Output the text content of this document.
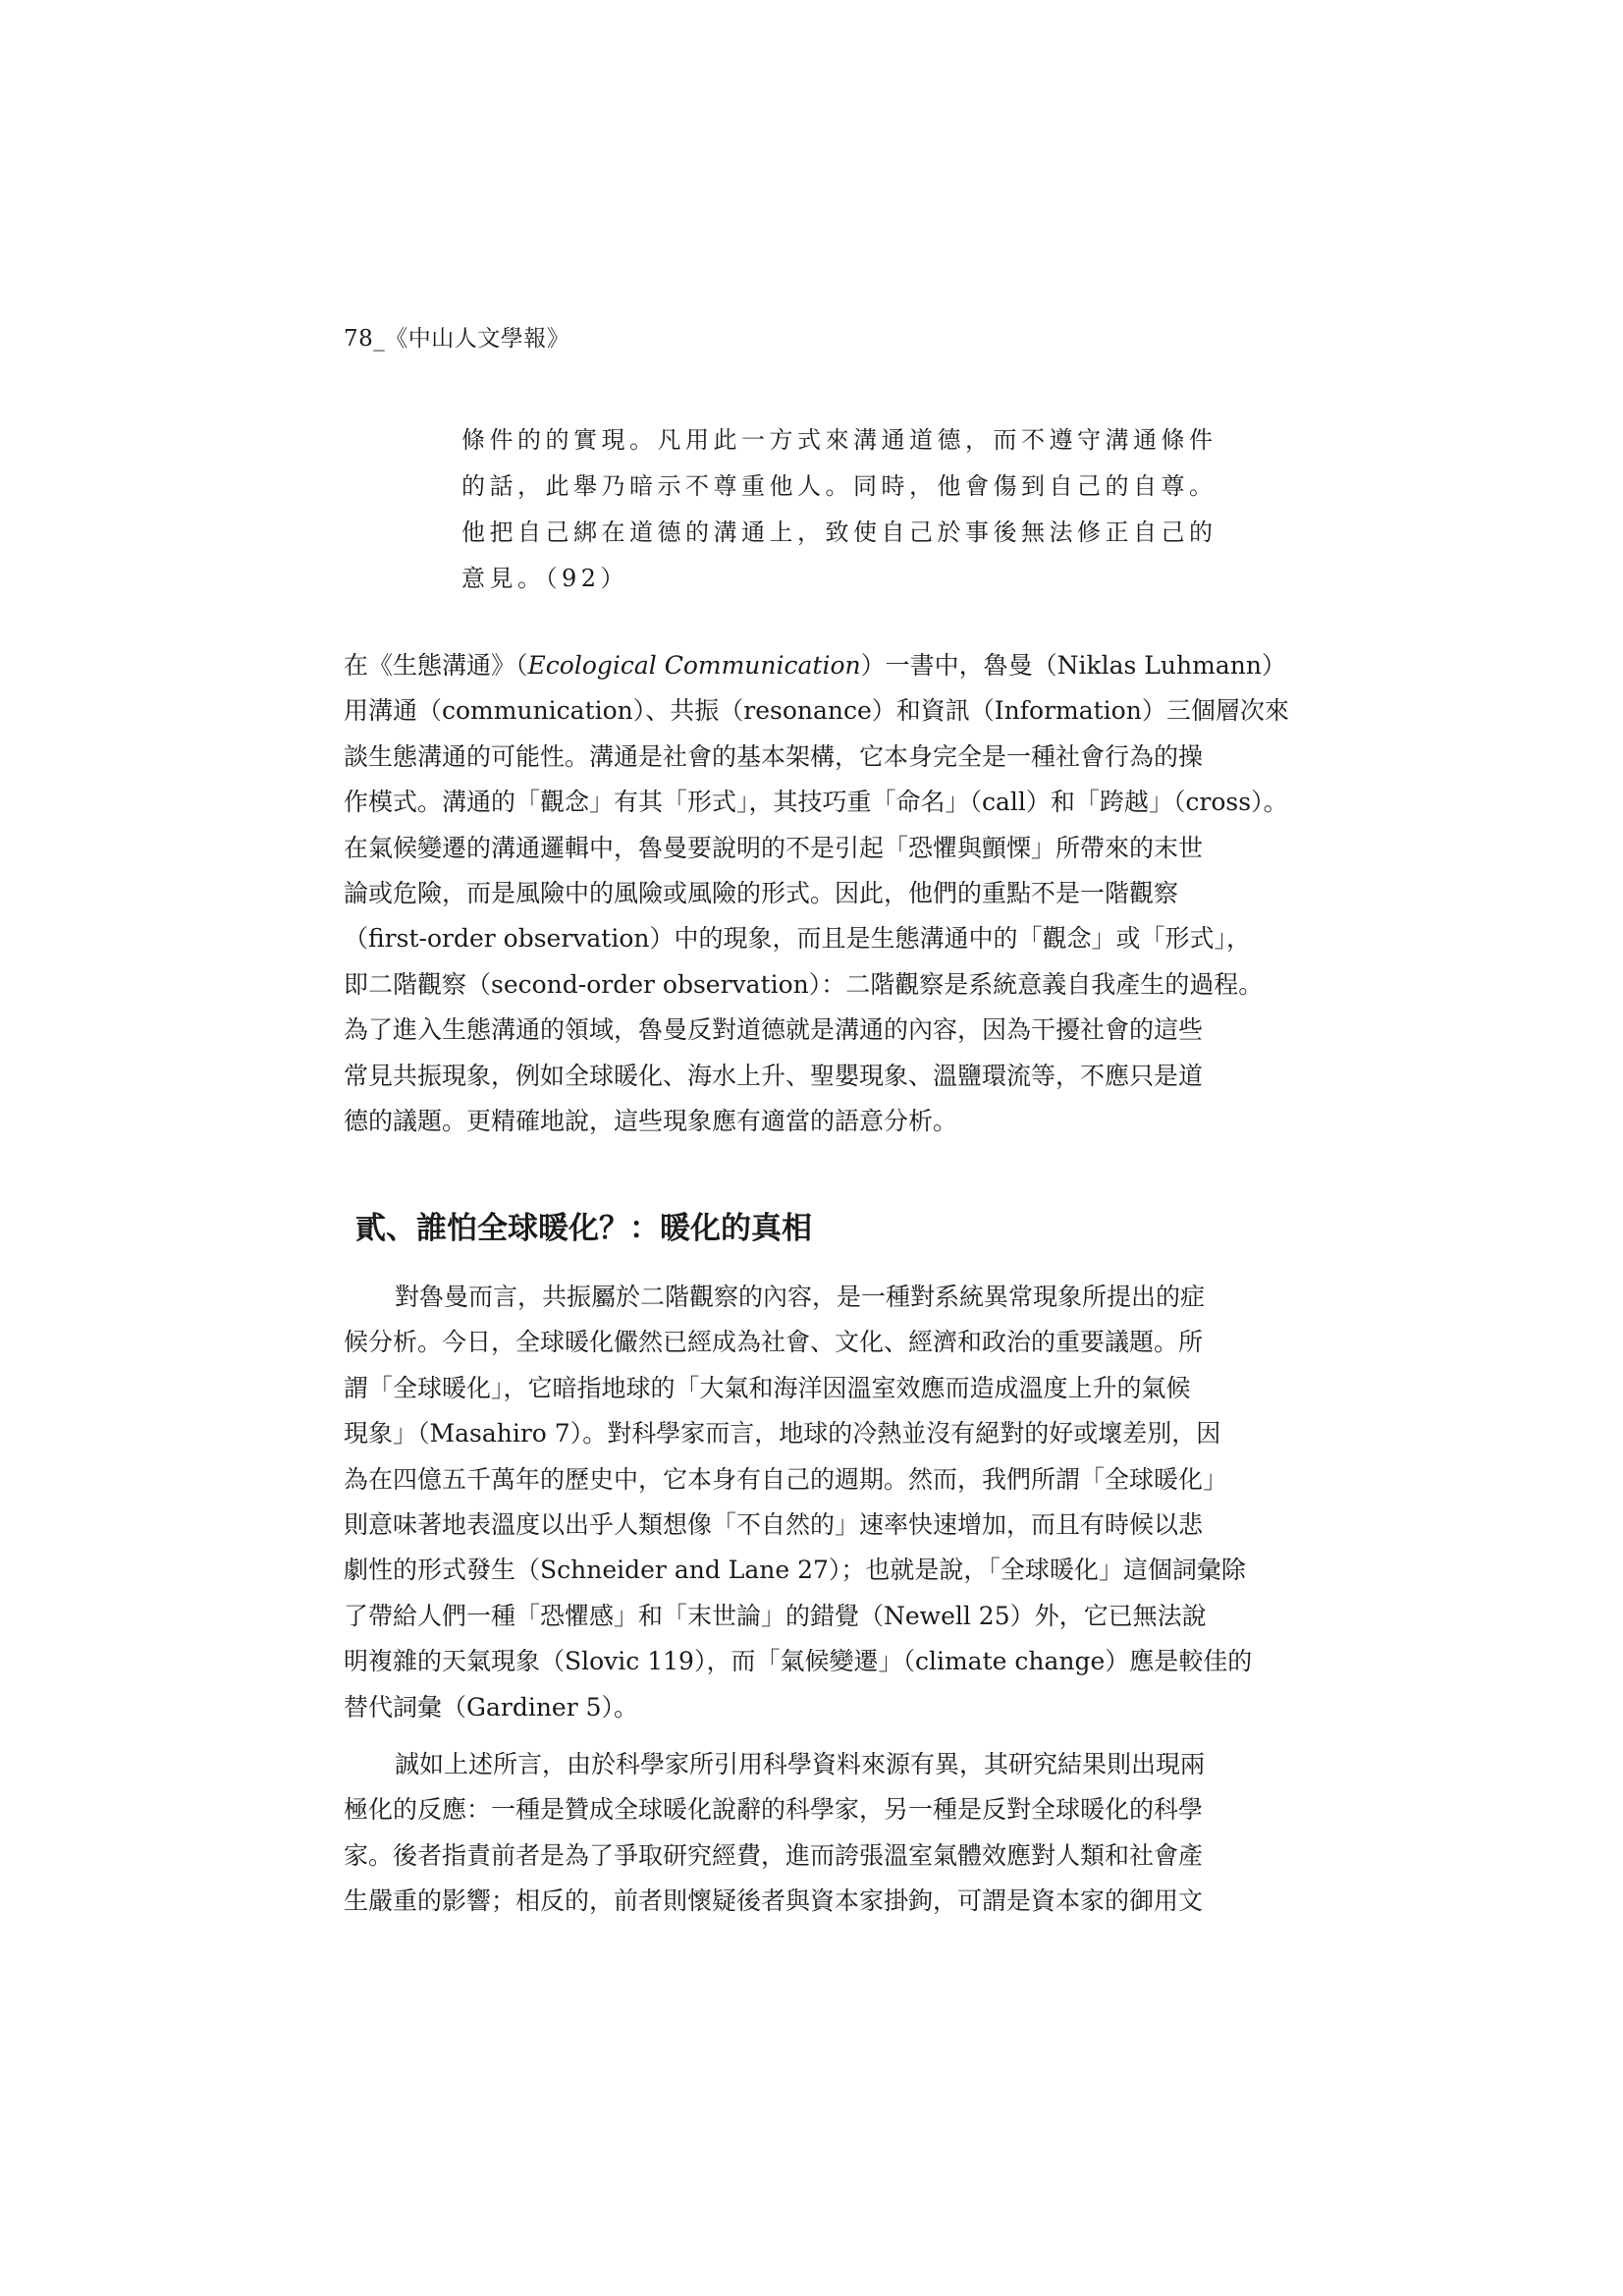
78_《中山人文學報》
條件的的實現。凡用此一方式來溝通道德，而不遵守溝通條件
的話，此舉乃暗示不尊重他人。同時，他會傷到自己的自尊。
他把自己綁在道德的溝通上，致使自己於事後無法修正自己的
意見。（92）
在《生態溝通》（Ecological Communication）一書中，魯曼（Niklas Luhmann）
用溝通（communication）、共振（resonance）和資訊（Information）三個層次來
談生態溝通的可能性。溝通是社會的基本架構，它本身完全是一種社會行為的操
作模式。溝通的「觀念」有其「形式」，其技巧重「命名」（call）和「跨越」（cross）。
在氣候變遷的溝通邏輯中，魯曼要說明的不是引起「恐懼與顫慄」所帶來的末世
論或危險，而是風險中的風險或風險的形式。因此，他們的重點不是一階觀察
（first-order observation）中的現象，而且是生態溝通中的「觀念」或「形式」，
即二階觀察（second-order observation）：二階觀察是系統意義自我產生的過程。
為了進入生態溝通的領域，魯曼反對道德就是溝通的內容，因為干擾社會的這些
常見共振現象，例如全球暖化、海水上升、聖嬰現象、溫鹽環流等，不應只是道
德的議題。更精確地說，這些現象應有適當的語意分析。
貳、誰怕全球暖化？：暖化的真相
對魯曼而言，共振屬於二階觀察的內容，是一種對系統異常現象所提出的症
候分析。今日，全球暖化儼然已經成為社會、文化、經濟和政治的重要議題。所
謂「全球暖化」，它暗指地球的「大氣和海洋因溫室效應而造成溫度上升的氣候
現象」（Masahiro 7）。對科學家而言，地球的冷熱並沒有絕對的好或壞差別，因
為在四億五千萬年的歷史中，它本身有自己的週期。然而，我們所謂「全球暖化」
則意味著地表溫度以出乎人類想像「不自然的」速率快速增加，而且有時候以悲
劇性的形式發生（Schneider and Lane 27）；也就是說，「全球暖化」這個詞彙除
了帶給人們一種「恐懼感」和「末世論」的錯覺（Newell 25）外，它已無法說
明複雜的天氣現象（Slovic 119），而「氣候變遷」（climate change）應是較佳的
替代詞彙（Gardiner 5）。
誠如上述所言，由於科學家所引用科學資料來源有異，其研究結果則出現兩
極化的反應：一種是贊成全球暖化說辭的科學家，另一種是反對全球暖化的科學
家。後者指責前者是為了爭取研究經費，進而誇張溫室氣體效應對人類和社會產
生嚴重的影響；相反的，前者則懷疑後者與資本家掛鉤，可謂是資本家的御用文
